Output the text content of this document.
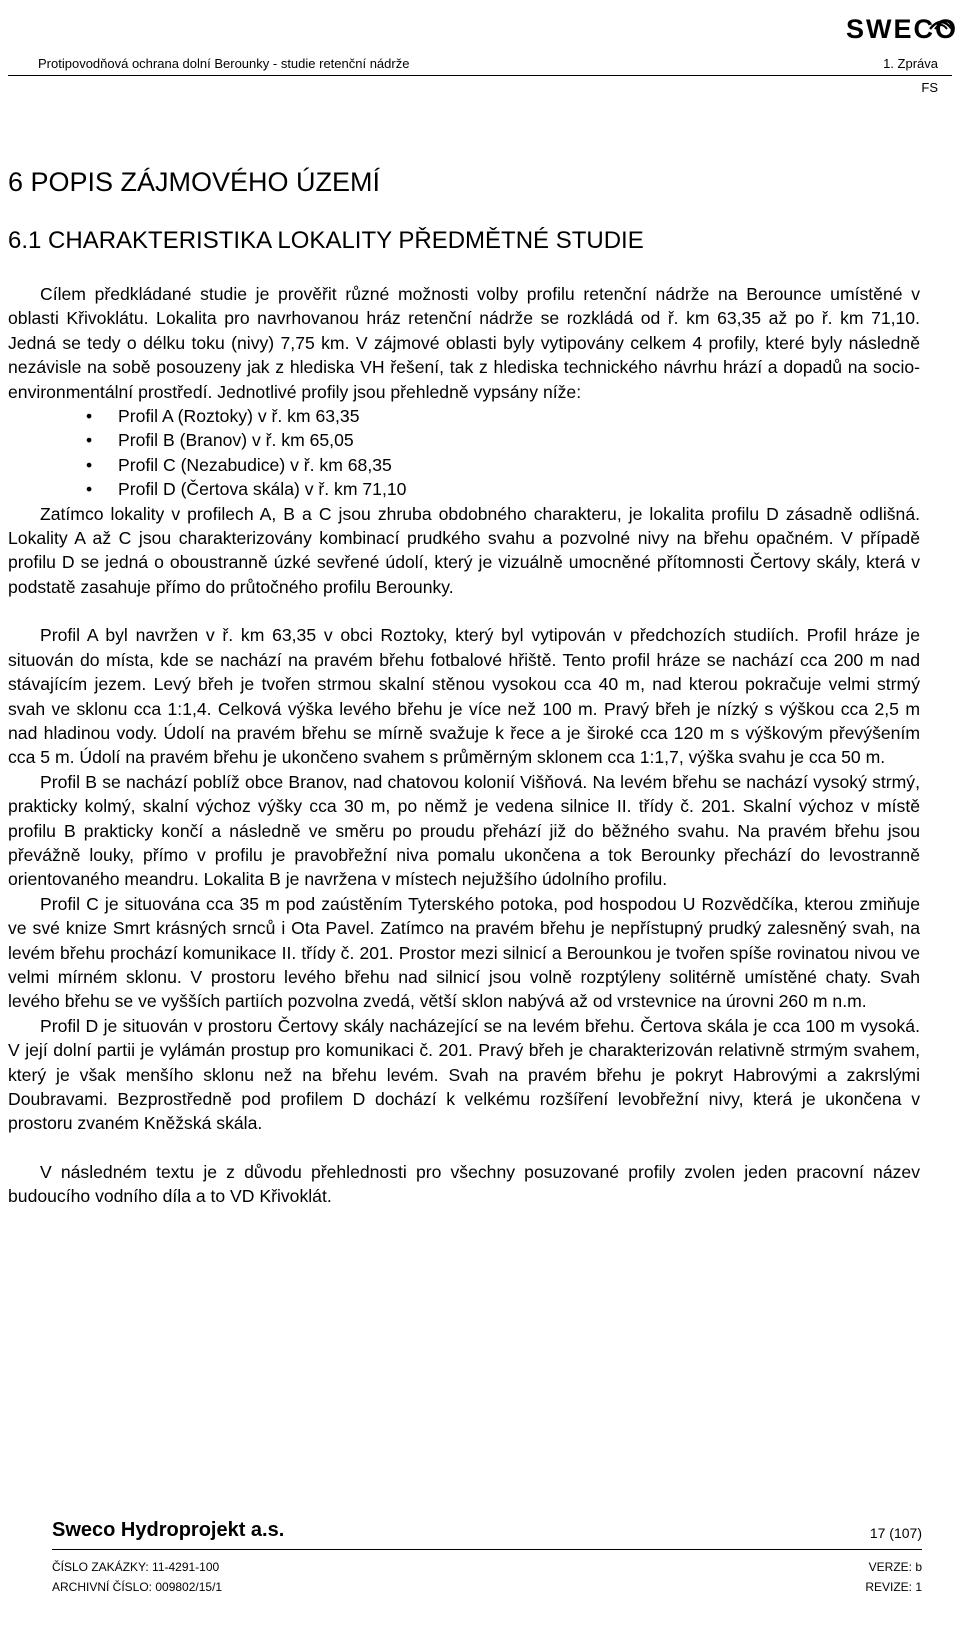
SWECO
Protipovodňová ochrana dolní Berounky - studie retenční nádrže	1. Zpráva
FS
6 POPIS ZÁJMOVÉHO ÚZEMÍ
6.1 CHARAKTERISTIKA LOKALITY PŘEDMĚTNÉ STUDIE

Cílem předkládané studie je prověřit různé možnosti volby profilu retenční nádrže na Berounce umístěné v oblasti Křivoklátu. Lokalita pro navrhovanou hráz retenční nádrže se rozkládá od ř. km 63,35 až po ř. km 71,10. Jedná se tedy o délku toku (nivy) 7,75 km. V zájmové oblasti byly vytipovány celkem 4 profily, které byly následně nezávisle na sobě posouzeny jak z hlediska VH řešení, tak z hlediska technického návrhu hrází a dopadů na socio-environmentální prostředí. Jednotlivé profily jsou přehledně vypsány níže:

• Profil A (Roztoky) v ř. km 63,35
• Profil B (Branov) v ř. km 65,05
• Profil C (Nezabudice) v ř. km 68,35
• Profil D (Čertova skála) v ř. km 71,10

Zatímco lokality v profilech A, B a C jsou zhruba obdobného charakteru, je lokalita profilu D zásadně odlišná. Lokality A až C jsou charakterizovány kombinací prudkého svahu a pozvolné nivy na břehu opačném. V případě profilu D se jedná o oboustranně úzké sevřené údolí, který je vizuálně umocněné přítomnosti Čertovy skály, která v podstatě zasahuje přímo do průtočného profilu Berounky.

Profil A byl navržen v ř. km 63,35 v obci Roztoky, který byl vytipován v předchozích studiích. Profil hráze je situován do místa, kde se nachází na pravém břehu fotbalové hřiště. Tento profil hráze se nachází cca 200 m nad stávajícím jezem. Levý břeh je tvořen strmou skalní stěnou vysokou cca 40 m, nad kterou pokračuje velmi strmý svah ve sklonu cca 1:1,4. Celková výška levého břehu je více než 100 m. Pravý břeh je nízký s výškou cca 2,5 m nad hladinou vody. Údolí na pravém břehu se mírně svažuje k řece a je široké cca 120 m s výškovým převýšením cca 5 m. Údolí na pravém břehu je ukončeno svahem s průměrným sklonem cca 1:1,7, výška svahu je cca 50 m.

Profil B se nachází poblíž obce Branov, nad chatovou kolonií Višňová. Na levém břehu se nachází vysoký strmý, prakticky kolmý, skalní výchoz výšky cca 30 m, po němž je vedena silnice II. třídy č. 201. Skalní výchoz v místě profilu B prakticky končí a následně ve směru po proudu přehází již do běžného svahu. Na pravém břehu jsou převážně louky, přímo v profilu je pravobřežní niva pomalu ukončena a tok Berounky přechází do levostranně orientovaného meandru. Lokalita B je navržena v místech nejužšího údolního profilu.

Profil C je situována cca 35 m pod zaústěním Tyterského potoka, pod hospodou U Rozvědčíka, kterou zmiňuje ve své knize Smrt krásných srnců i Ota Pavel. Zatímco na pravém břehu je nepřístupný prudký zalesněný svah, na levém břehu prochází komunikace II. třídy č. 201. Prostor mezi silnicí a Berounkou je tvořen spíše rovinatou nivou ve velmi mírném sklonu. V prostoru levého břehu nad silnicí jsou volně rozptýleny solitérně umístěné chaty. Svah levého břehu se ve vyšších partiích pozvolna zvedá, větší sklon nabývá až od vrstevnice na úrovni 260 m n.m.

Profil D je situován v prostoru Čertovy skály nacházející se na levém břehu. Čertova skála je cca 100 m vysoká. V její dolní partii je vylámán prostup pro komunikaci č. 201. Pravý břeh je charakterizován relativně strmým svahem, který je však menšího sklonu než na břehu levém. Svah na pravém břehu je pokryt Habrovými a zakrslými Doubravami. Bezprostředně pod profilem D dochází k velkému rozšíření levobřežní nivy, která je ukončena v prostoru zvaném Kněžská skála.

V následném textu je z důvodu přehlednosti pro všechny posuzované profily zvolen jeden pracovní název budoucího vodního díla a to VD Křivoklát.

Sweco Hydroprojekt a.s.	17 (107)
ČÍSLO ZAKÁZKY: 11-4291-100
ARCHIVNÍ ČÍSLO: 009802/15/1
VERZE: b
REVIZE: 1
